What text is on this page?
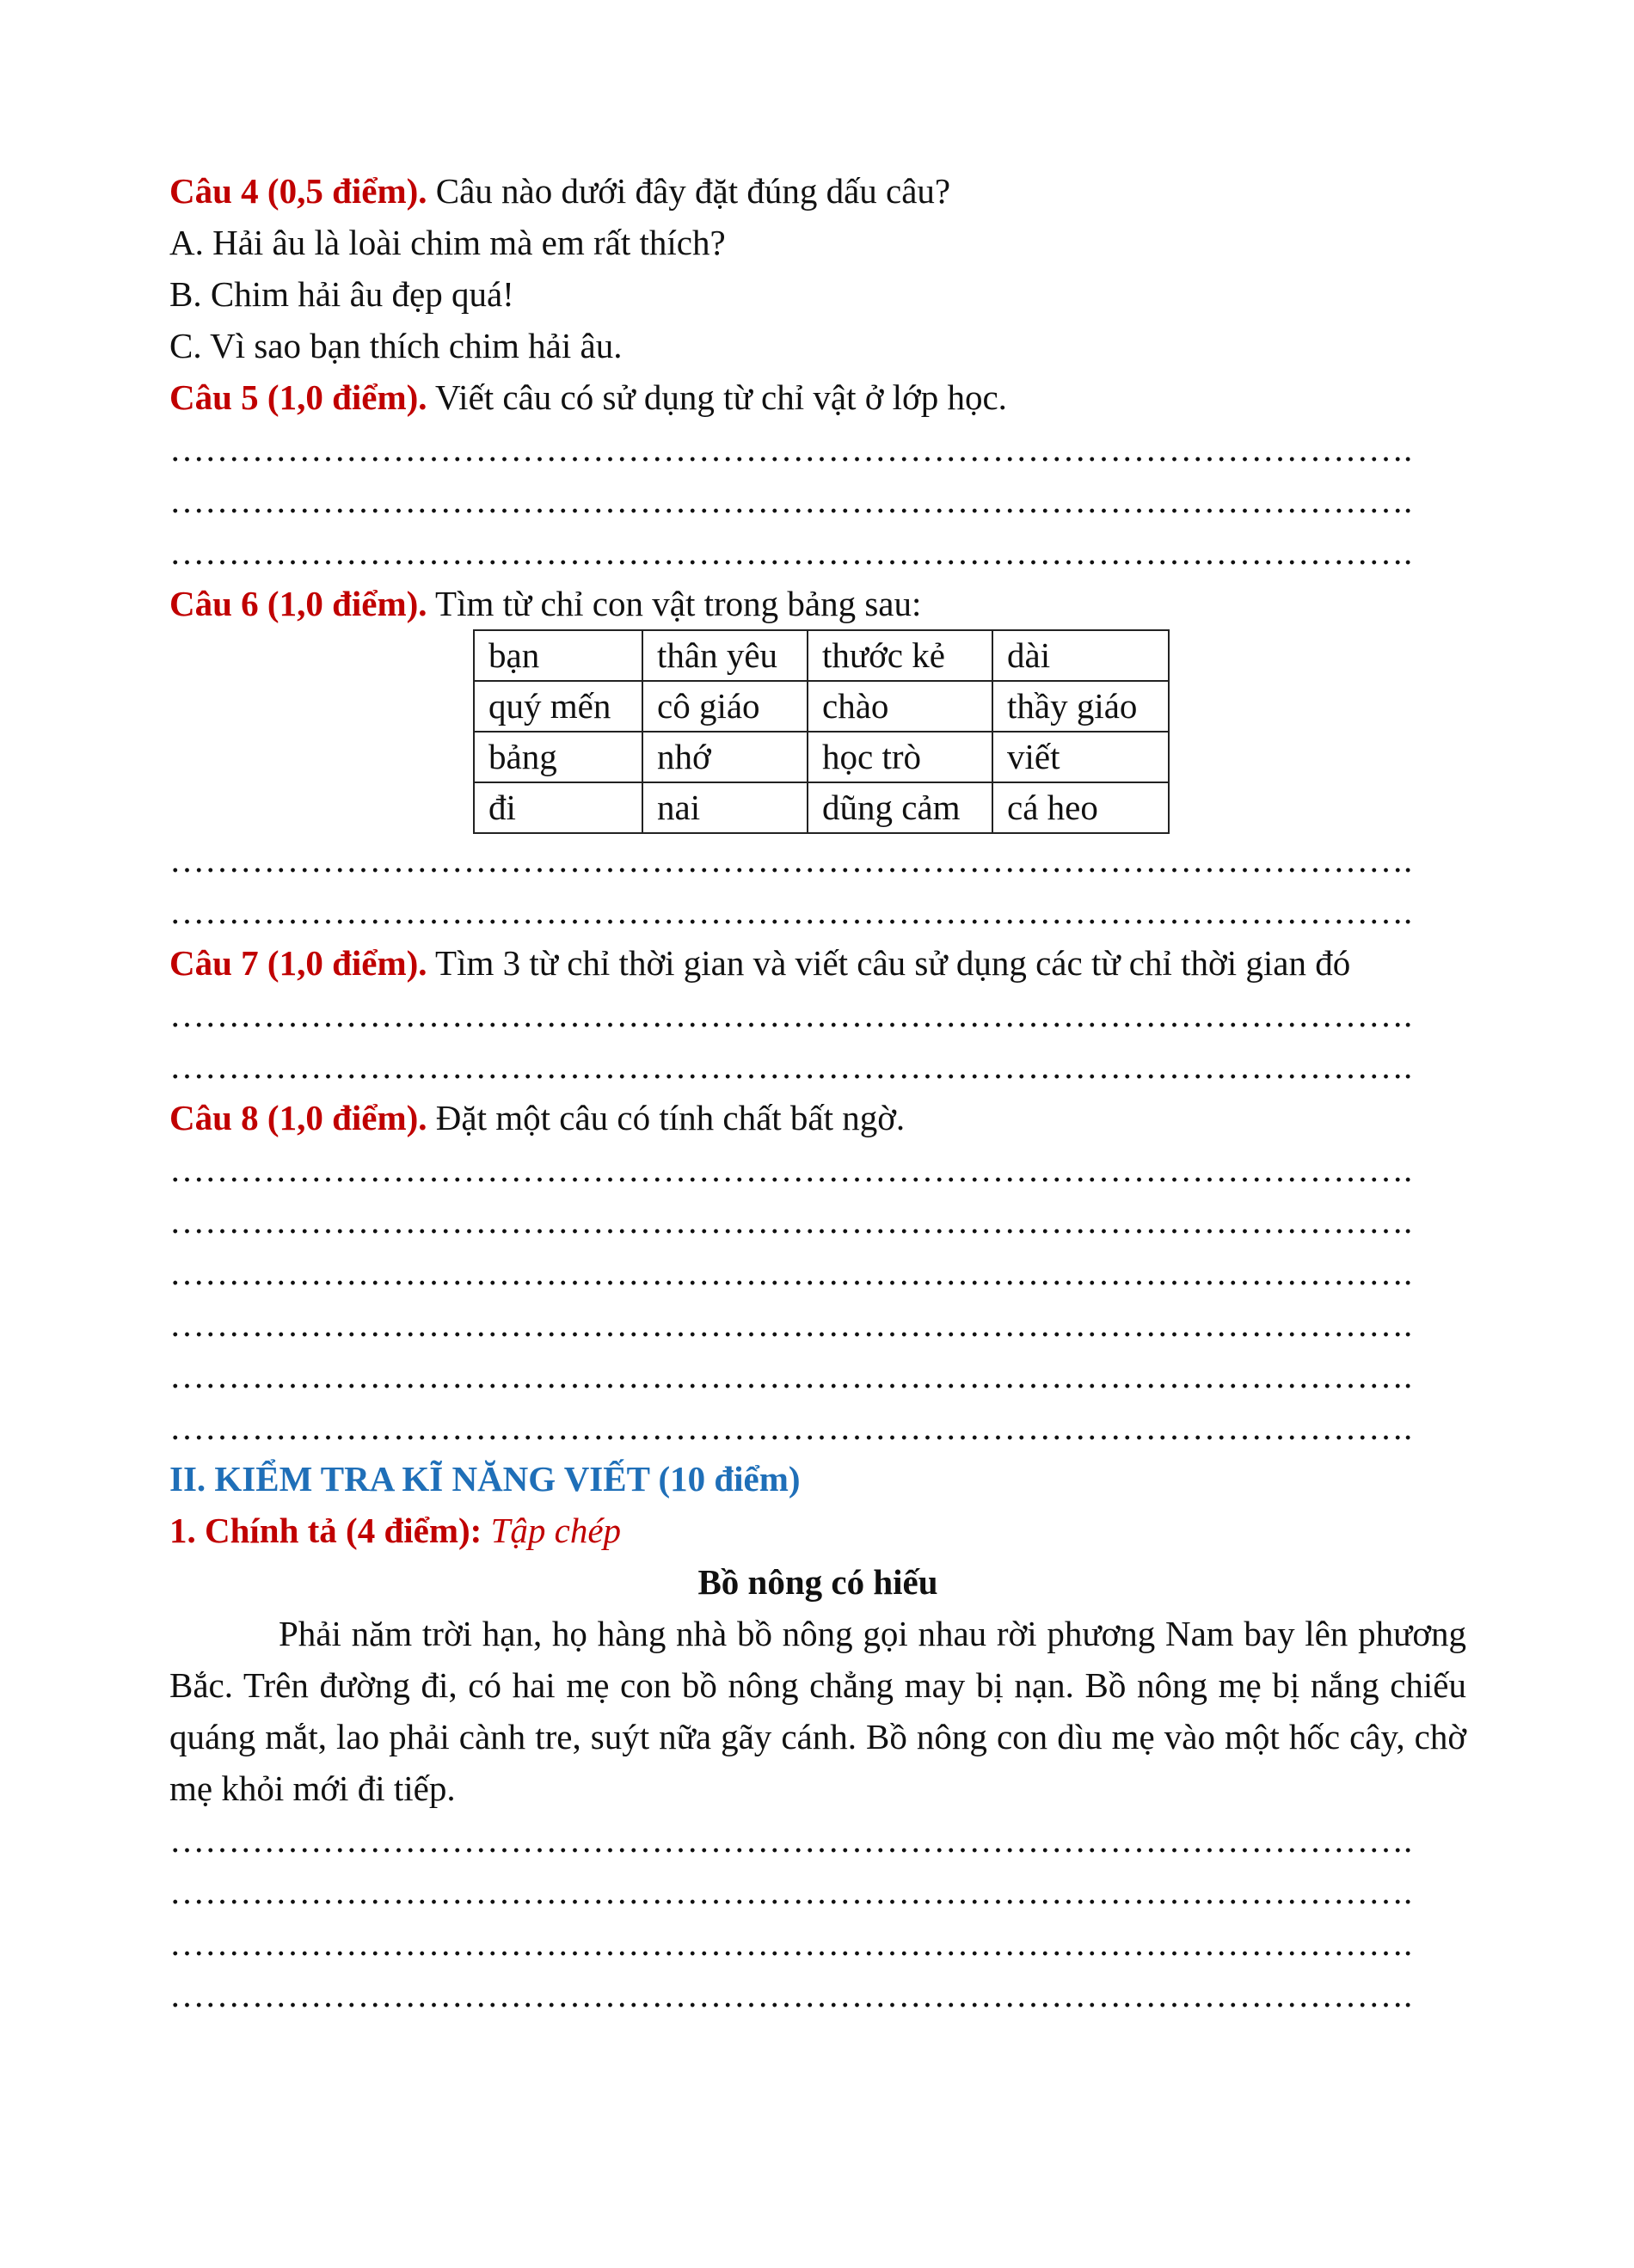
Câu 4 (0,5 điểm). Câu nào dưới đây đặt đúng dấu câu?

A. Hải âu là loài chim mà em rất thích?

B. Chim hải âu đẹp quá!

C. Vì sao bạn thích chim hải âu.

Câu 5 (1,0 điểm). Viết câu có sử dụng từ chỉ vật ở lớp học.

…………………………………………………………………………………………….

…………………………………………………………………………………………….

…………………………………………………………………………………………….

Câu 6 (1,0 điểm). Tìm từ chỉ con vật trong bảng sau:

bạn	thân yêu	thước kẻ	dài
quý mến	cô giáo	chào	thầy giáo
bảng	nhớ	học trò	viết
đi	nai	dũng cảm	cá heo

…………………………………………………………………………………………….

…………………………………………………………………………………………….

Câu 7 (1,0 điểm). Tìm 3 từ chỉ thời gian và viết câu sử dụng các từ chỉ thời gian đó

…………………………………………………………………………………………….

…………………………………………………………………………………………….

Câu 8 (1,0 điểm). Đặt một câu có tính chất bất ngờ.

…………………………………………………………………………………………….

…………………………………………………………………………………………….

…………………………………………………………………………………………….

…………………………………………………………………………………………….

…………………………………………………………………………………………….

…………………………………………………………………………………………….

II. KIỂM TRA KĨ NĂNG VIẾT (10 điểm)

1. Chính tả (4 điểm): Tập chép

Bồ nông có hiếu

Phải năm trời hạn, họ hàng nhà bồ nông gọi nhau rời phương Nam bay lên phương Bắc. Trên đường đi, có hai mẹ con bồ nông chẳng may bị nạn. Bồ nông mẹ bị nắng chiếu quáng mắt, lao phải cành tre, suýt nữa gãy cánh. Bồ nông con dìu mẹ vào một hốc cây, chờ mẹ khỏi mới đi tiếp.

…………………………………………………………………………………………….

…………………………………………………………………………………………….

…………………………………………………………………………………………….

…………………………………………………………………………………………….
